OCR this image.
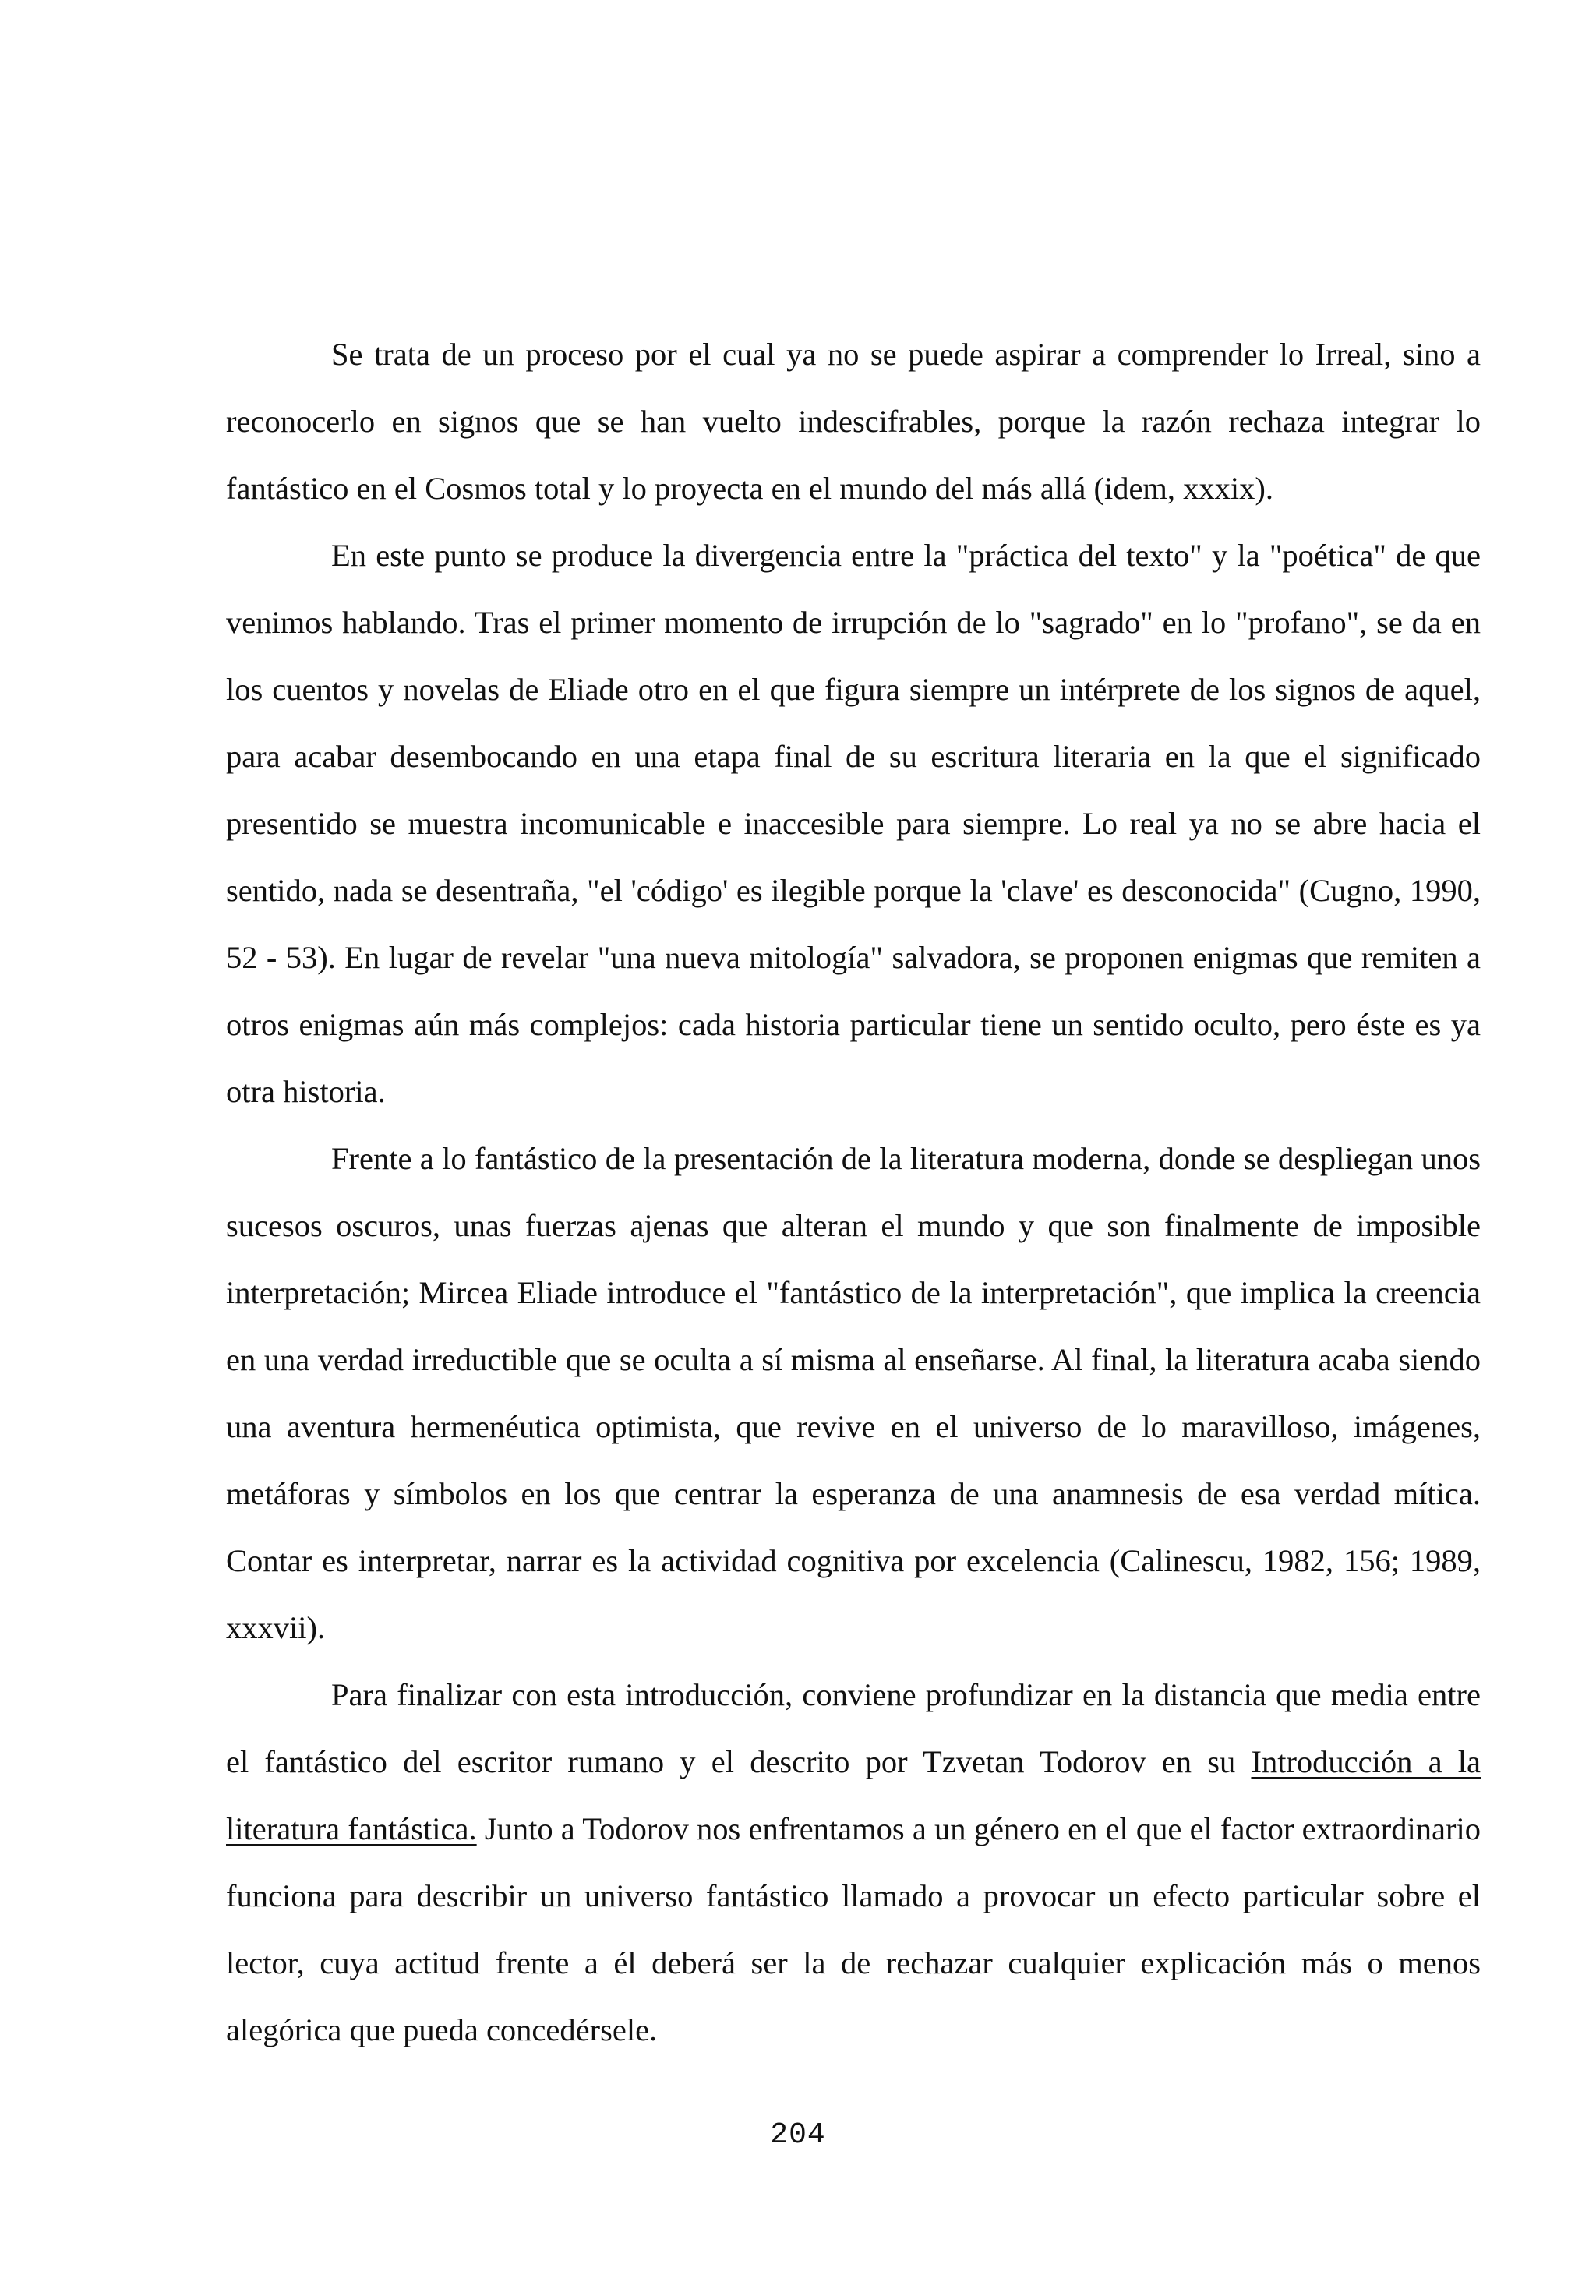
Se trata de un proceso por el cual ya no se puede aspirar a comprender lo Irreal, sino a reconocerlo en signos que se han vuelto indescifrables, porque la razón rechaza integrar lo fantástico en el Cosmos total y lo proyecta en el mundo del más allá (idem, xxxix).

En este punto se produce la divergencia entre la "práctica del texto" y la "poética" de que venimos hablando. Tras el primer momento de irrupción de lo "sagrado" en lo "profano", se da en los cuentos y novelas de Eliade otro en el que figura siempre un intérprete de los signos de aquel, para acabar desembocando en una etapa final de su escritura literaria en la que el significado presentido se muestra incomunicable e inaccesible para siempre. Lo real ya no se abre hacia el sentido, nada se desentraña, "el 'código' es ilegible porque la 'clave' es desconocida" (Cugno, 1990, 52 - 53). En lugar de revelar "una nueva mitología" salvadora, se proponen enigmas que remiten a otros enigmas aún más complejos: cada historia particular tiene un sentido oculto, pero éste es ya otra historia.

Frente a lo fantástico de la presentación de la literatura moderna, donde se despliegan unos sucesos oscuros, unas fuerzas ajenas que alteran el mundo y que son finalmente de imposible interpretación; Mircea Eliade introduce el "fantástico de la interpretación", que implica la creencia en una verdad irreductible que se oculta a sí misma al enseñarse. Al final, la literatura acaba siendo una aventura hermenéutica optimista, que revive en el universo de lo maravilloso, imágenes, metáforas y símbolos en los que centrar la esperanza de una anamnesis de esa verdad mítica. Contar es interpretar, narrar es la actividad cognitiva por excelencia (Calinescu, 1982, 156; 1989, xxxvii).

Para finalizar con esta introducción, conviene profundizar en la distancia que media entre el fantástico del escritor rumano y el descrito por Tzvetan Todorov en su Introducción a la literatura fantástica. Junto a Todorov nos enfrentamos a un género en el que el factor extraordinario funciona para describir un universo fantástico llamado a provocar un efecto particular sobre el lector, cuya actitud frente a él deberá ser la de rechazar cualquier explicación más o menos alegórica que pueda concedérsele.

204
